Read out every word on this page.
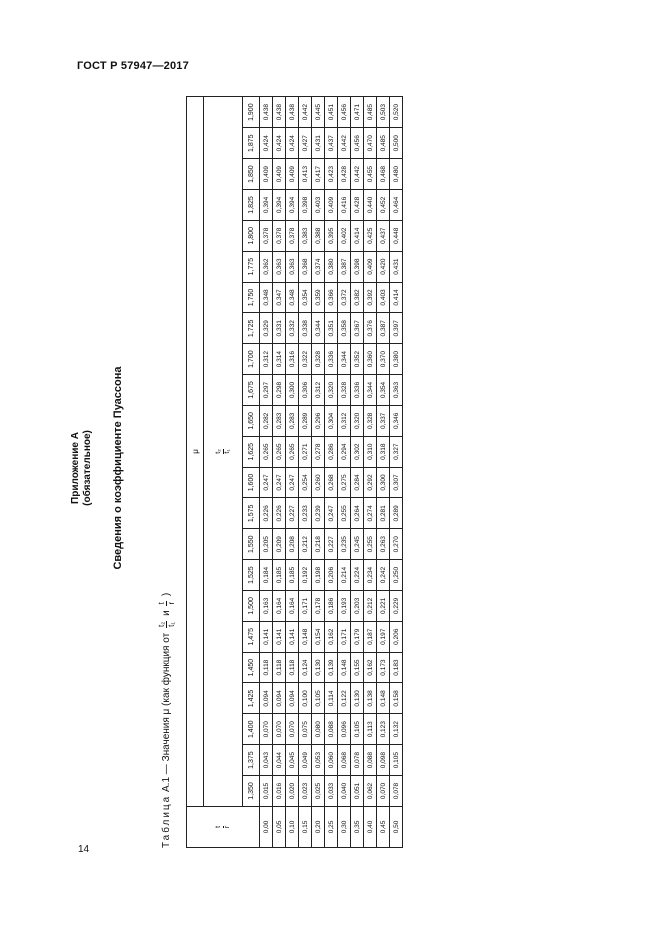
ГОСТ Р 57947—2017
14
Приложение А (обязательное) Сведения о коэффициенте Пуассона
Таблица А.1 — Значения μ (как функция от
t₂ t₁
и
t r
)
t r	μ																						

	t₂ t₁																						

	1,350	1,375	1,400	1,425	1,450	1,475	1,500	1,525	1,550	1,575	1,600	1,625	1,650	1,675	1,700	1,725	1,750	1,775	1,800	1,825	1,850	1,875	1,900
0,00	0,015	0,043	0,070	0,094	0,118	0,141	0,163	0,184	0,205	0,226	0,247	0,265	0,282	0,297	0,312	0,329	0,348	0,362	0,378	0,394	0,409	0,424	0,438
0,05	0,016	0,044	0,070	0,094	0,118	0,141	0,164	0,185	0,209	0,226	0,247	0,265	0,283	0,298	0,314	0,331	0,347	0,363	0,378	0,394	0,409	0,424	0,438
0,10	0,020	0,045	0,070	0,094	0,118	0,141	0,164	0,185	0,208	0,227	0,247	0,265	0,283	0,300	0,316	0,332	0,348	0,363	0,378	0,394	0,409	0,424	0,438
0,15	0,023	0,049	0,075	0,100	0,124	0,148	0,171	0,192	0,212	0,233	0,254	0,271	0,289	0,306	0,322	0,338	0,354	0,368	0,383	0,398	0,413	0,427	0,442
0,20	0,025	0,053	0,080	0,105	0,130	0,154	0,178	0,198	0,218	0,239	0,260	0,278	0,296	0,312	0,328	0,344	0,359	0,374	0,388	0,403	0,417	0,431	0,445
0,25	0,033	0,060	0,088	0,114	0,139	0,162	0,186	0,206	0,227	0,247	0,268	0,286	0,304	0,320	0,336	0,351	0,366	0,380	0,395	0,409	0,423	0,437	0,451
0,30	0,040	0,068	0,096	0,122	0,148	0,171	0,193	0,214	0,235	0,255	0,275	0,294	0,312	0,328	0,344	0,358	0,372	0,387	0,402	0,416	0,428	0,442	0,456
0,35	0,051	0,078	0,105	0,130	0,155	0,179	0,203	0,224	0,245	0,264	0,284	0,302	0,320	0,336	0,352	0,367	0,382	0,398	0,414	0,428	0,442	0,456	0,471
0,40	0,062	0,088	0,113	0,138	0,162	0,187	0,212	0,234	0,255	0,274	0,292	0,310	0,328	0,344	0,360	0,376	0,392	0,409	0,425	0,440	0,455	0,470	0,485
0,45	0,070	0,098	0,123	0,148	0,173	0,197	0,221	0,242	0,263	0,281	0,300	0,318	0,337	0,354	0,370	0,387	0,403	0,420	0,437	0,452	0,468	0,485	0,503
0,50	0,078	0,105	0,132	0,158	0,183	0,206	0,229	0,250	0,270	0,289	0,307	0,327	0,346	0,363	0,380	0,397	0,414	0,431	0,448	0,464	0,480	0,500	0,520
